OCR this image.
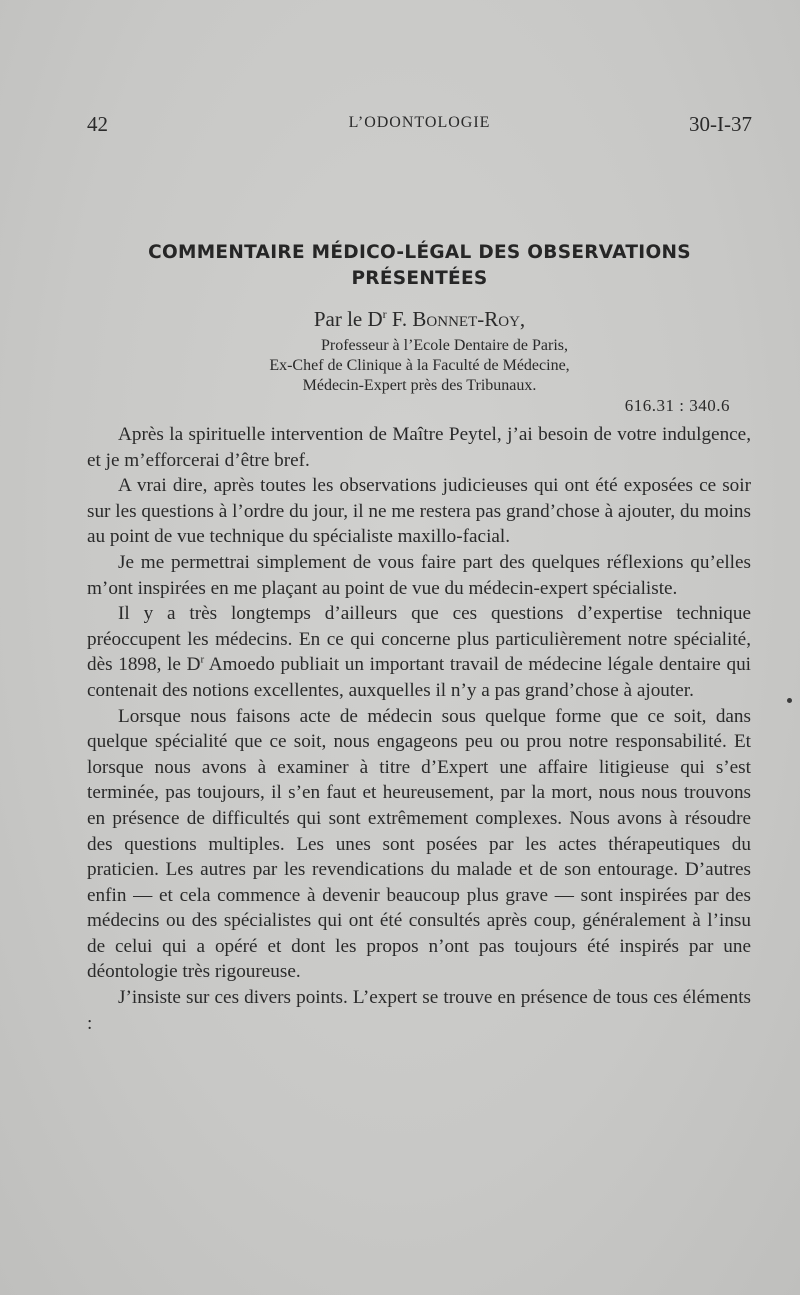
42	L’ODONTOLOGIE	30-I-37
COMMENTAIRE MÉDICO-LÉGAL DES OBSERVATIONS
PRÉSENTÉES
Par le $D^r$ F. Bonnet-Roy,
Professeur à l’Ecole Dentaire de Paris,
Ex-Chef de Clinique à la Faculté de Médecine,
Médecin-Expert près des Tribunaux.
616.31 : 340.6

Après la spirituelle intervention de Maître Peytel, j’ai besoin de votre indulgence, et je m’efforcerai d’être bref.

A vrai dire, après toutes les observations judicieuses qui ont été exposées ce soir sur les questions à l’ordre du jour, il ne me restera pas grand’chose à ajouter, du moins au point de vue technique du spécialiste maxillo-facial.

Je me permettrai simplement de vous faire part des quelques réflexions qu’elles m’ont inspirées en me plaçant au point de vue du médecin-expert spécialiste.

Il y a très longtemps d’ailleurs que ces questions d’expertise technique préoccupent les médecins. En ce qui concerne plus particulièrement notre spécialité, dès 1898, le $D^r$ Amoedo publiait un important travail de médecine légale dentaire qui contenait des notions excellentes, auxquelles il n’y a pas grand’chose à ajouter.

Lorsque nous faisons acte de médecin sous quelque forme que ce soit, dans quelque spécialité que ce soit, nous engageons peu ou prou notre responsabilité. Et lorsque nous avons à examiner à titre d’Expert une affaire litigieuse qui s’est terminée, pas toujours, il s’en faut et heureusement, par la mort, nous nous trouvons en présence de difficultés qui sont extrêmement complexes. Nous avons à résoudre des questions multiples. Les unes sont posées par les actes thérapeutiques du praticien. Les autres par les revendications du malade et de son entourage. D’autres enfin — et cela commence à devenir beaucoup plus grave — sont inspirées par des médecins ou des spécialistes qui ont été consultés après coup, généralement à l’insu de celui qui a opéré et dont les propos n’ont pas toujours été inspirés par une déontologie très rigoureuse.

J’insiste sur ces divers points. L’expert se trouve en présence de tous ces éléments :
